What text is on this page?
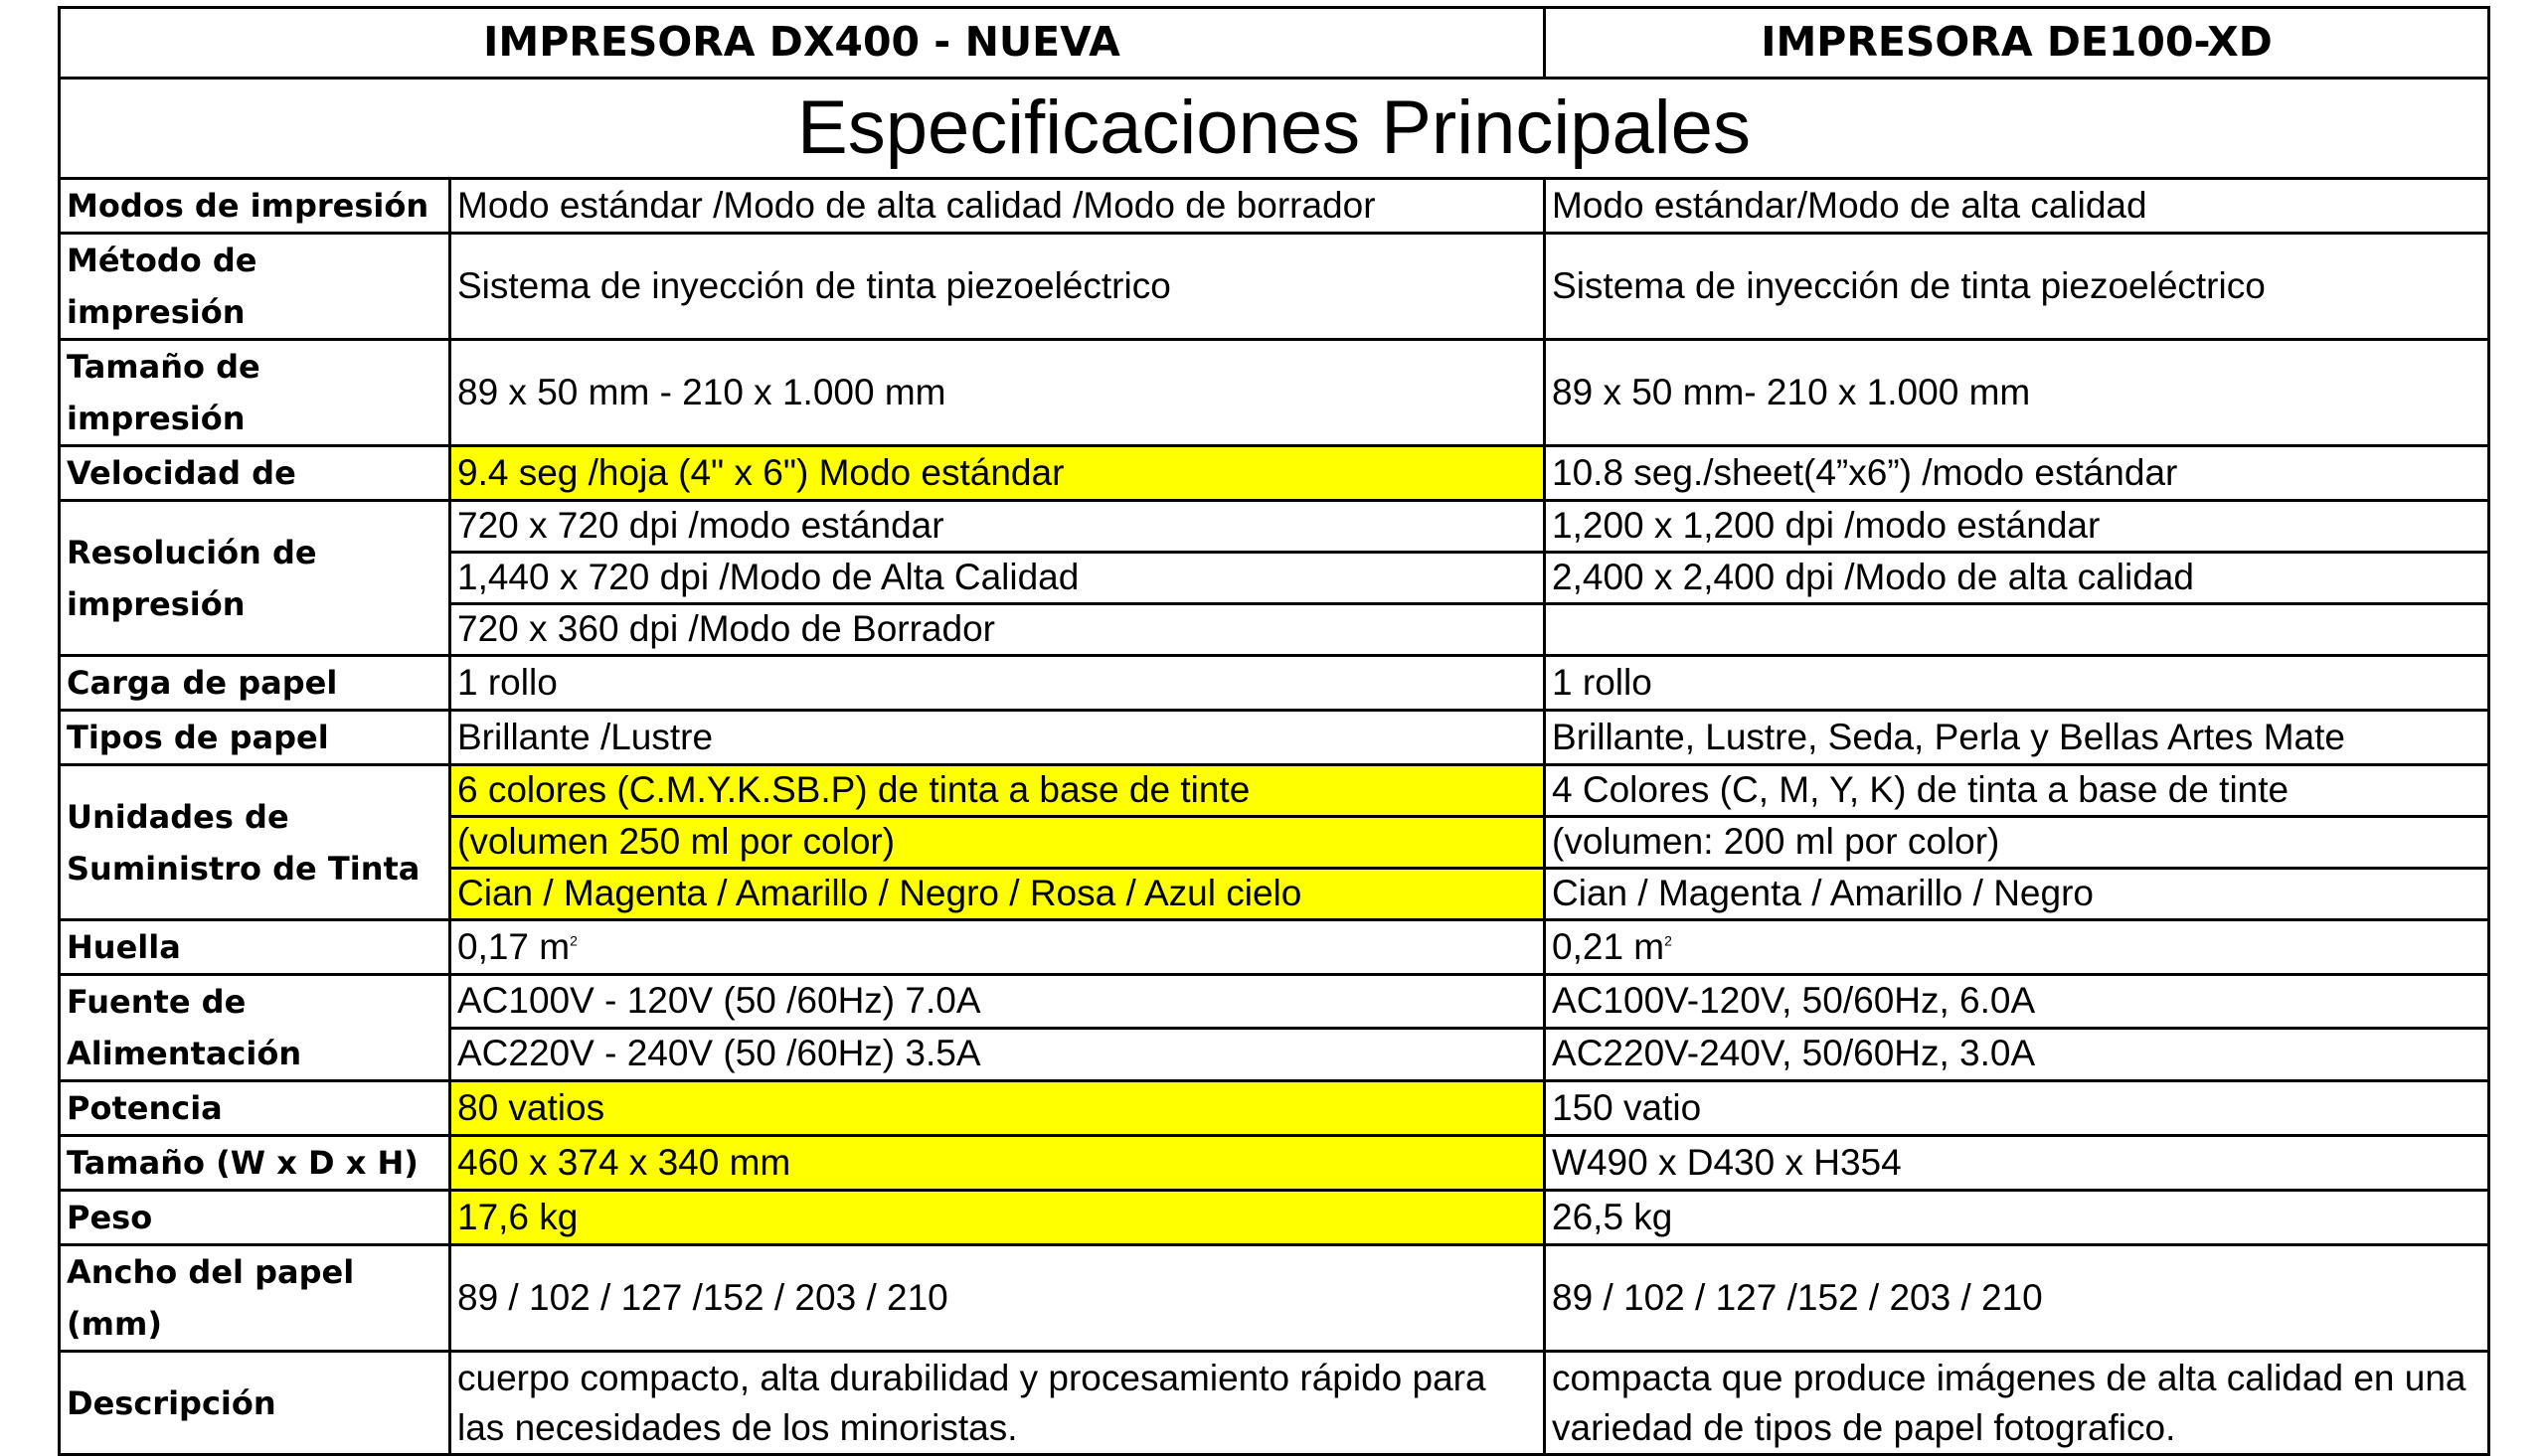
IMPRESORA DX400 - NUEVA		IMPRESORA DE100-XD
Especificaciones Principales		
Modos de impresión	Modo estándar /Modo de alta calidad /Modo de borrador	Modo estándar/Modo de alta calidad
Método de impresión	Sistema de inyección de tinta piezoeléctrico	Sistema de inyección de tinta piezoeléctrico
Tamaño de impresión	89 x 50 mm - 210 x 1.000 mm	89 x 50 mm- 210 x 1.000 mm
Velocidad de	9.4 seg /hoja (4" x 6") Modo estándar	10.8 seg./sheet(4”x6”) /modo estándar
Resolución de impresión	720 x 720 dpi /modo estándar	1,200 x 1,200 dpi /modo estándar
	1,440 x 720 dpi /Modo de Alta Calidad	2,400 x 2,400 dpi /Modo de alta calidad
	720 x 360 dpi /Modo de Borrador	
Carga de papel	1 rollo	1 rollo
Tipos de papel	Brillante /Lustre	Brillante, Lustre, Seda, Perla y Bellas Artes Mate
Unidades de Suministro de Tinta	6 colores (C.M.Y.K.SB.P) de tinta a base de tinte	4 Colores (C, M, Y, K) de tinta a base de tinte
	(volumen 250 ml por color)	(volumen: 200 ml por color)
	Cian / Magenta / Amarillo / Negro / Rosa / Azul cielo	Cian / Magenta / Amarillo / Negro
Huella	0,17 $m^2$	0,21 $m^2$
Fuente de Alimentación	AC100V - 120V (50 /60Hz) 7.0A	AC100V-120V, 50/60Hz, 6.0A
	AC220V - 240V (50 /60Hz) 3.5A	AC220V-240V, 50/60Hz, 3.0A
Potencia	80 vatios	150 vatio
Tamaño (W x D x H)	460 x 374 x 340 mm	W490 x D430 x H354
Peso	17,6 kg	26,5 kg
Ancho del papel (mm)	89 / 102 / 127 /152 / 203 / 210	89 / 102 / 127 /152 / 203 / 210
Descripción	cuerpo compacto, alta durabilidad y procesamiento rápido para las necesidades de los minoristas.	compacta que produce imágenes de alta calidad en una variedad de tipos de papel fotografico.
